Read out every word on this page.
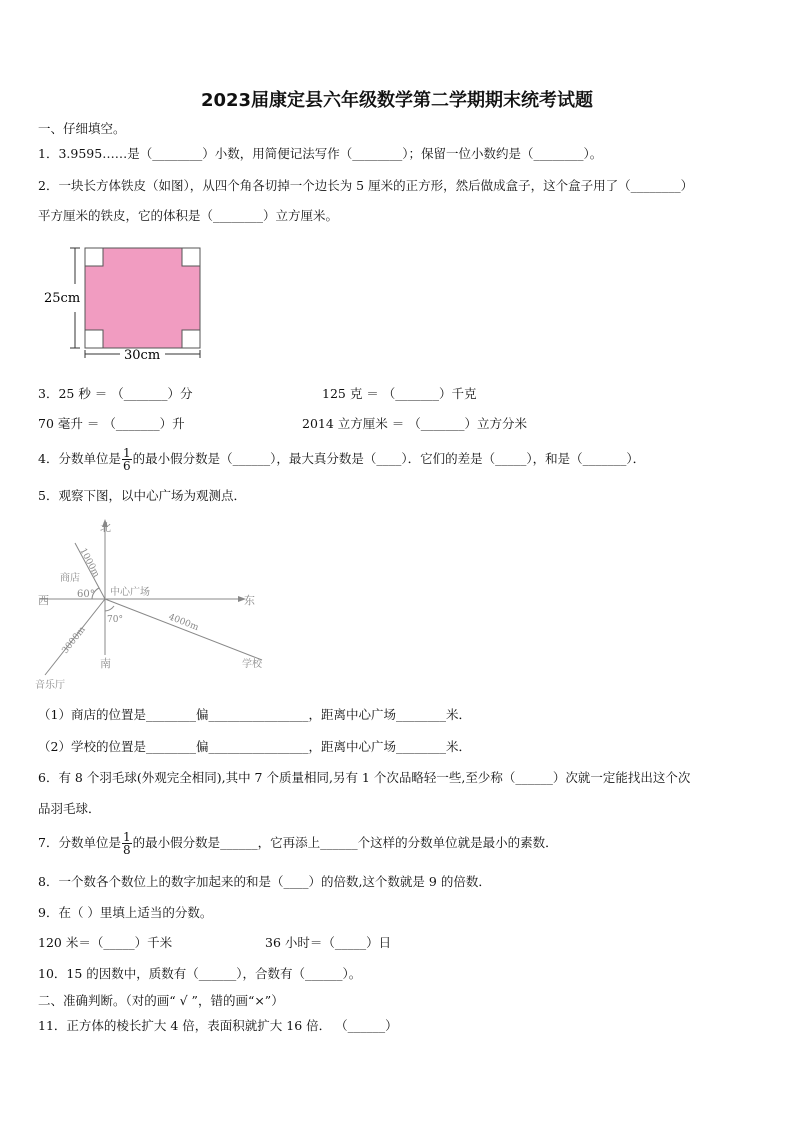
2023届康定县六年级数学第二学期期末统考试题
一、仔细填空。
1．3.9595……是（________）小数，用简便记法写作（________）；保留一位小数约是（________）。
2．一块长方体铁皮（如图），从四个角各切掉一个边长为 5 厘米的正方形，然后做成盒子，这个盒子用了（________）
平方厘米的铁皮，它的体积是（________）立方厘米。
25cm
30cm
3．25 秒 ＝ （_______）分	125 克 ＝ （_______）千克
70 毫升 ＝ （_______）升	2014 立方厘米 ＝ （_______）立方分米
4．分数单位是 $\frac{1}{6}$ 的最小假分数是（______），最大真分数是（____）．它们的差是（_____），和是（_______）．
5．观察下图，以中心广场为观测点．
北
南
东
西
中心广场
商店
学校
音乐厅
1000m
4000m
3000m
60°
70°
（1）商店的位置是________偏________________，距离中心广场________米．
（2）学校的位置是________偏________________，距离中心广场________米．
6．有 8 个羽毛球(外观完全相同),其中 7 个质量相同,另有 1 个次品略轻一些,至少称（______）次就一定能找出这个次
品羽毛球．
7．分数单位是 $\frac{1}{8}$ 的最小假分数是______，它再添上______个这样的分数单位就是最小的素数．
8．一个数各个数位上的数字加起来的和是（____）的倍数,这个数就是 9 的倍数．
9．在（ ）里填上适当的分数。
120 米＝（_____）千米	36 小时＝（_____）日
10．15 的因数中，质数有（______），合数有（______）。
二、准确判断。（对的画“ √ ”，错的画“×”）
11．正方体的棱长扩大 4 倍，表面积就扩大 16 倍． （______）
